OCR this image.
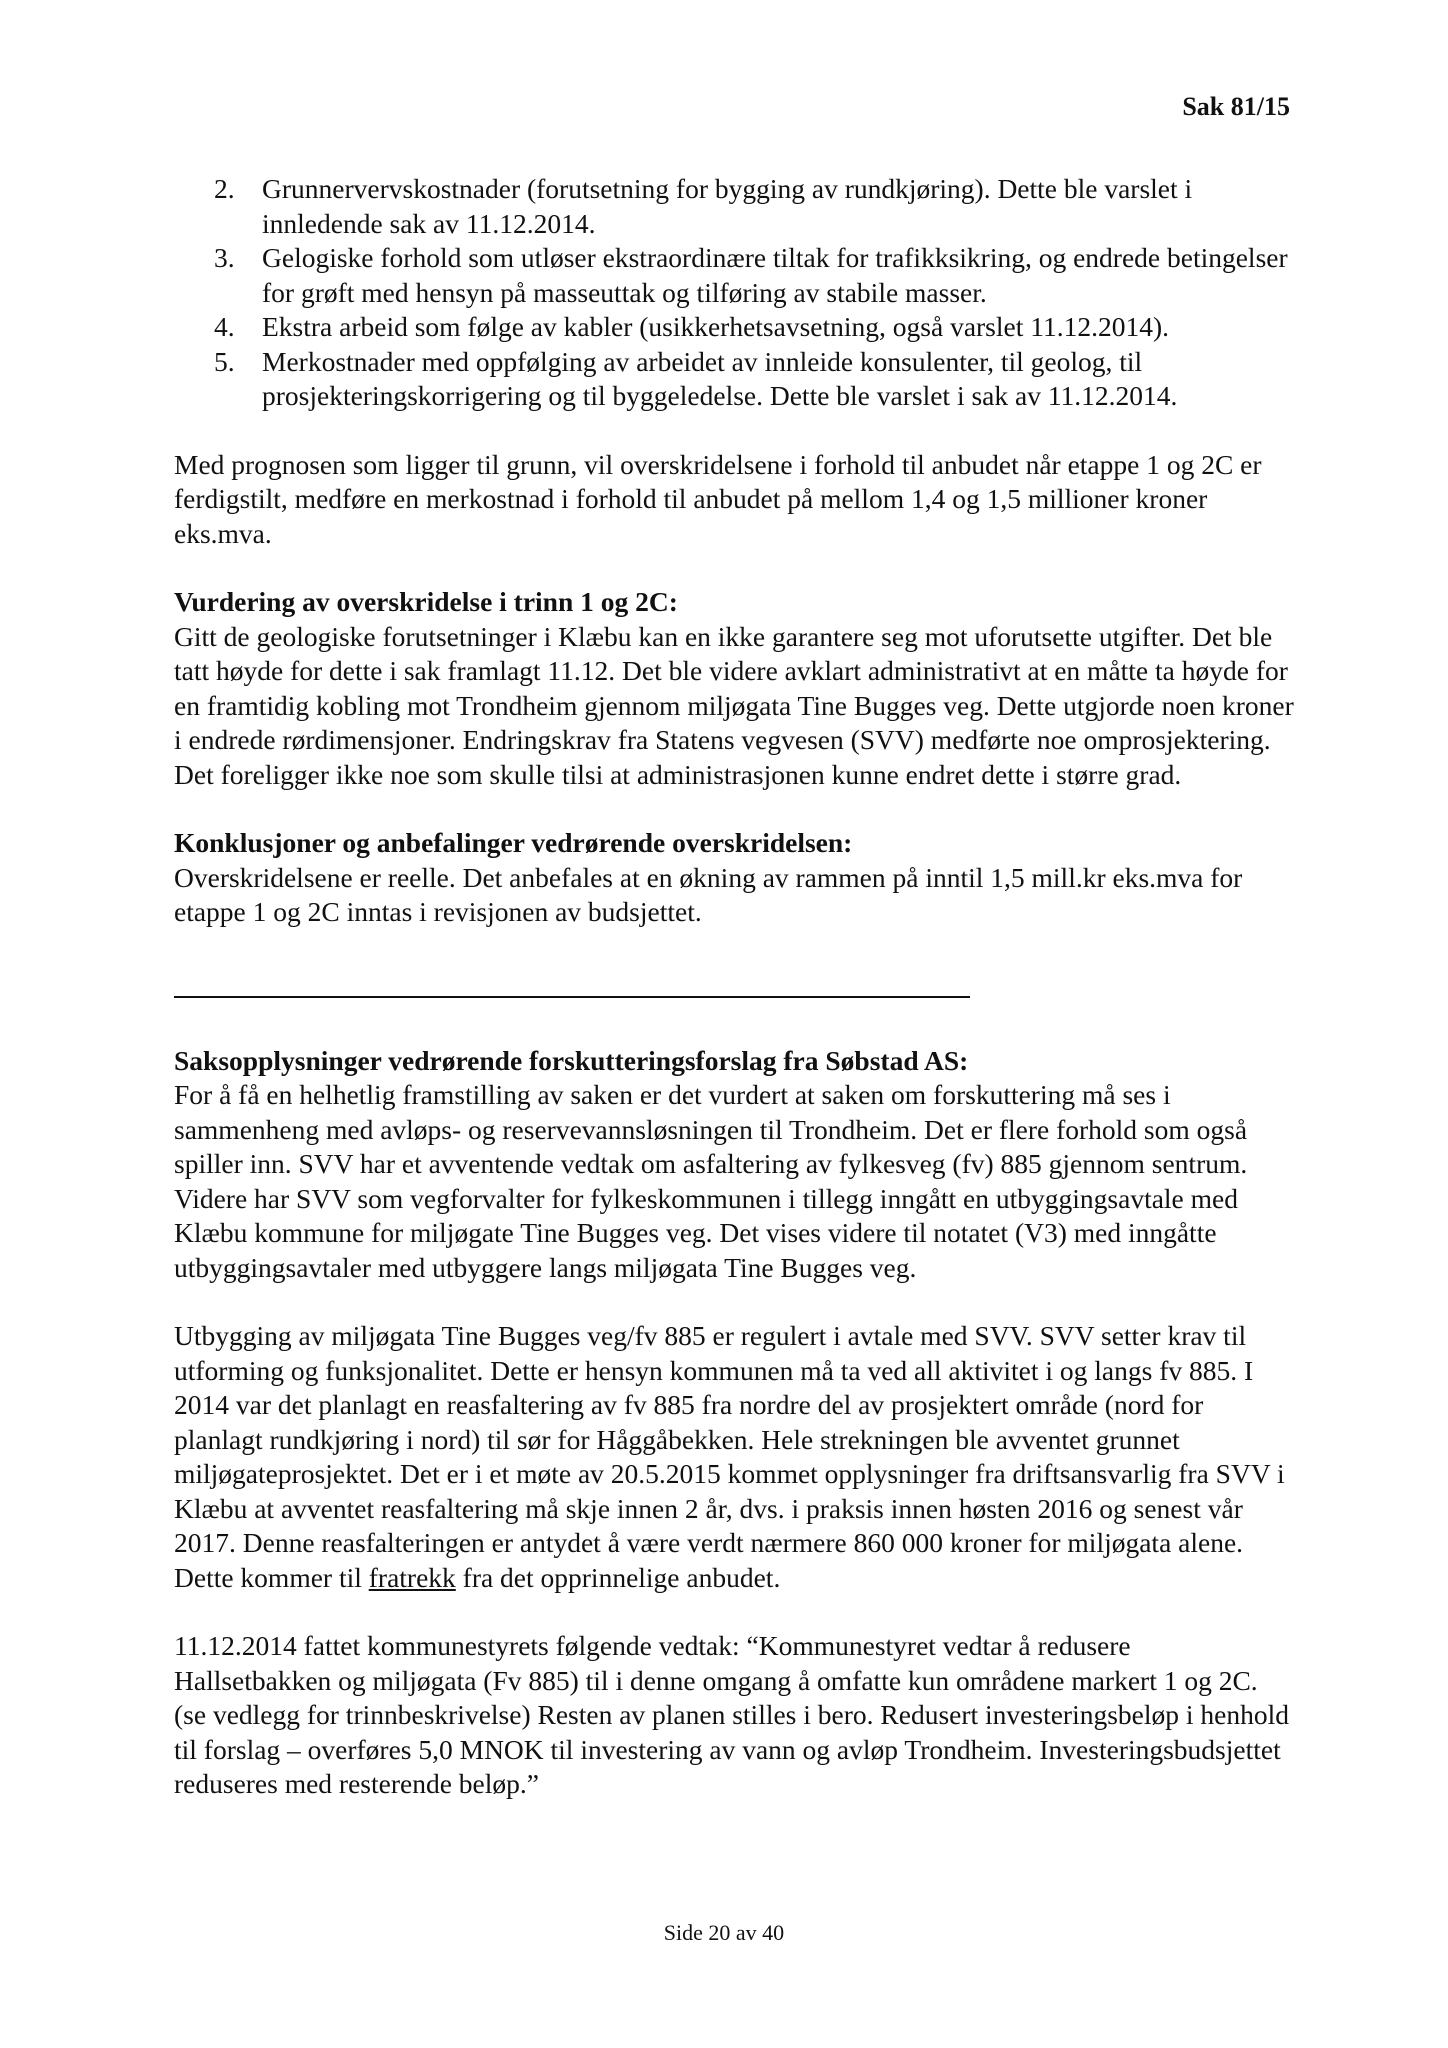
Sak 81/15
2. Grunnervervskostnader (forutsetning for bygging av rundkjøring). Dette ble varslet i innledende sak av 11.12.2014.
3. Gelogiske forhold som utløser ekstraordinære tiltak for trafikksikring, og endrede betingelser for grøft med hensyn på masseuttak og tilføring av stabile masser.
4. Ekstra arbeid som følge av kabler (usikkerhetsavsetning, også varslet 11.12.2014).
5. Merkostnader med oppfølging av arbeidet av innleide konsulenter, til geolog, til prosjekteringskorrigering og til byggeledelse. Dette ble varslet i sak av 11.12.2014.

Med prognosen som ligger til grunn, vil overskridelsene i forhold til anbudet når etappe 1 og 2C er ferdigstilt, medføre en merkostnad i forhold til anbudet på mellom 1,4 og 1,5 millioner kroner eks.mva.

Vurdering av overskridelse i trinn 1 og 2C:

Gitt de geologiske forutsetninger i Klæbu kan en ikke garantere seg mot uforutsette utgifter. Det ble tatt høyde for dette i sak framlagt 11.12. Det ble videre avklart administrativt at en måtte ta høyde for en framtidig kobling mot Trondheim gjennom miljøgata Tine Bugges veg. Dette utgjorde noen kroner i endrede rørdimensjoner. Endringskrav fra Statens vegvesen (SVV) medførte noe omprosjektering. Det foreligger ikke noe som skulle tilsi at administrasjonen kunne endret dette i større grad.

Konklusjoner og anbefalinger vedrørende overskridelsen:

Overskridelsene er reelle. Det anbefales at en økning av rammen på inntil 1,5 mill.kr eks.mva for etappe 1 og 2C inntas i revisjonen av budsjettet.

Saksopplysninger vedrørende forskutteringsforslag fra Søbstad AS:

For å få en helhetlig framstilling av saken er det vurdert at saken om forskuttering må ses i sammenheng med avløps- og reservevannsløsningen til Trondheim. Det er flere forhold som også spiller inn. SVV har et avventende vedtak om asfaltering av fylkesveg (fv) 885 gjennom sentrum. Videre har SVV som vegforvalter for fylkeskommunen i tillegg inngått en utbyggingsavtale med Klæbu kommune for miljøgate Tine Bugges veg. Det vises videre til notatet (V3) med inngåtte utbyggingsavtaler med utbyggere langs miljøgata Tine Bugges veg.

Utbygging av miljøgata Tine Bugges veg/fv 885 er regulert i avtale med SVV. SVV setter krav til utforming og funksjonalitet. Dette er hensyn kommunen må ta ved all aktivitet i og langs fv 885. I 2014 var det planlagt en reasfaltering av fv 885 fra nordre del av prosjektert område (nord for planlagt rundkjøring i nord) til sør for Håggåbekken. Hele strekningen ble avventet grunnet miljøgateprosjektet. Det er i et møte av 20.5.2015 kommet opplysninger fra driftsansvarlig fra SVV i Klæbu at avventet reasfaltering må skje innen 2 år, dvs. i praksis innen høsten 2016 og senest vår 2017. Denne reasfalteringen er antydet å være verdt nærmere 860 000 kroner for miljøgata alene. Dette kommer til fratrekk fra det opprinnelige anbudet.

11.12.2014 fattet kommunestyrets følgende vedtak: “Kommunestyret vedtar å redusere Hallsetbakken og miljøgata (Fv 885) til i denne omgang å omfatte kun områdene markert 1 og 2C. (se vedlegg for trinnbeskrivelse) Resten av planen stilles i bero. Redusert investeringsbeløp i henhold til forslag – overføres 5,0 MNOK til investering av vann og avløp Trondheim. Investeringsbudsjettet reduseres med resterende beløp.”

Side 20 av 40
